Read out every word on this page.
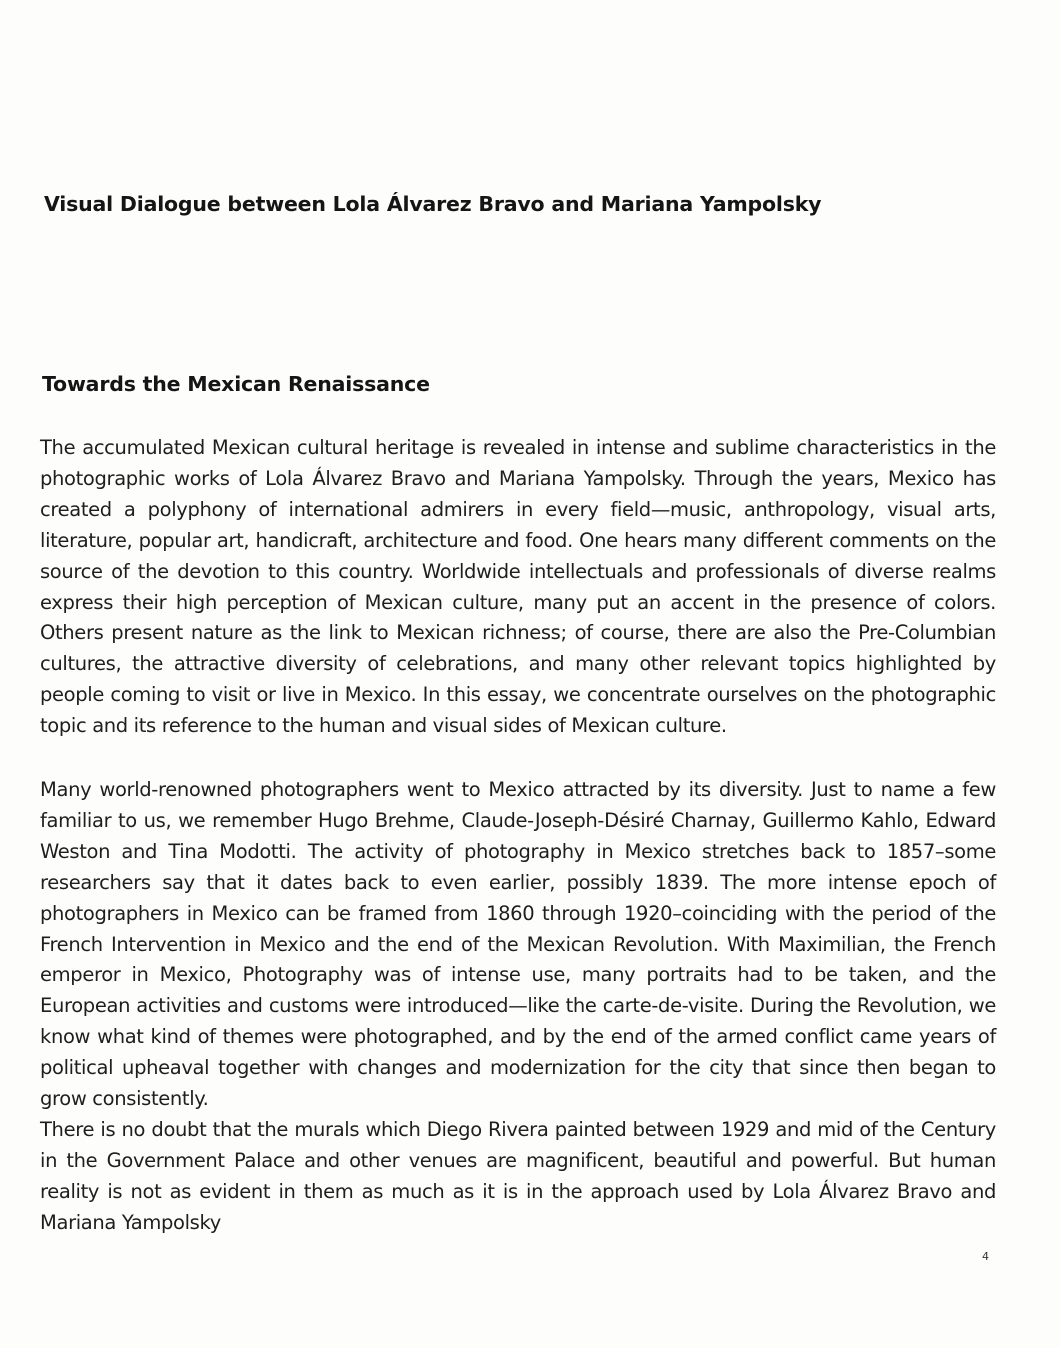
Visual Dialogue between Lola Álvarez Bravo and Mariana Yampolsky
Towards the Mexican Renaissance

The accumulated Mexican cultural heritage is revealed in intense and sublime characteristics in the photographic works of Lola Álvarez Bravo and Mariana Yampolsky. Through the years, Mexico has created a polyphony of international admirers in every field—music, anthropology, visual arts, literature, popular art, handicraft, architecture and food. One hears many different comments on the source of the devotion to this country. Worldwide intellectuals and professionals of diverse realms express their high perception of Mexican culture, many put an accent in the presence of colors. Others present nature as the link to Mexican richness; of course, there are also the Pre-Columbian cultures, the attractive diversity of celebrations, and many other relevant topics highlighted by people coming to visit or live in Mexico. In this essay, we concentrate ourselves on the photographic topic and its reference to the human and visual sides of Mexican culture.

Many world-renowned photographers went to Mexico attracted by its diversity. Just to name a few familiar to us, we remember Hugo Brehme, Claude-Joseph-Désiré Charnay, Guillermo Kahlo, Edward Weston and Tina Modotti. The activity of photography in Mexico stretches back to 1857–some researchers say that it dates back to even earlier, possibly 1839. The more intense epoch of photographers in Mexico can be framed from 1860 through 1920–coinciding with the period of the French Intervention in Mexico and the end of the Mexican Revolution. With Maximilian, the French emperor in Mexico, Photography was of intense use, many portraits had to be taken, and the European activities and customs were introduced—like the carte-de-visite. During the Revolution, we know what kind of themes were photographed, and by the end of the armed conflict came years of political upheaval together with changes and modernization for the city that since then began to grow consistently.

There is no doubt that the murals which Diego Rivera painted between 1929 and mid of the Century in the Government Palace and other venues are magnificent, beautiful and powerful. But human reality is not as evident in them as much as it is in the approach used by Lola Álvarez Bravo and Mariana Yampolsky

4
